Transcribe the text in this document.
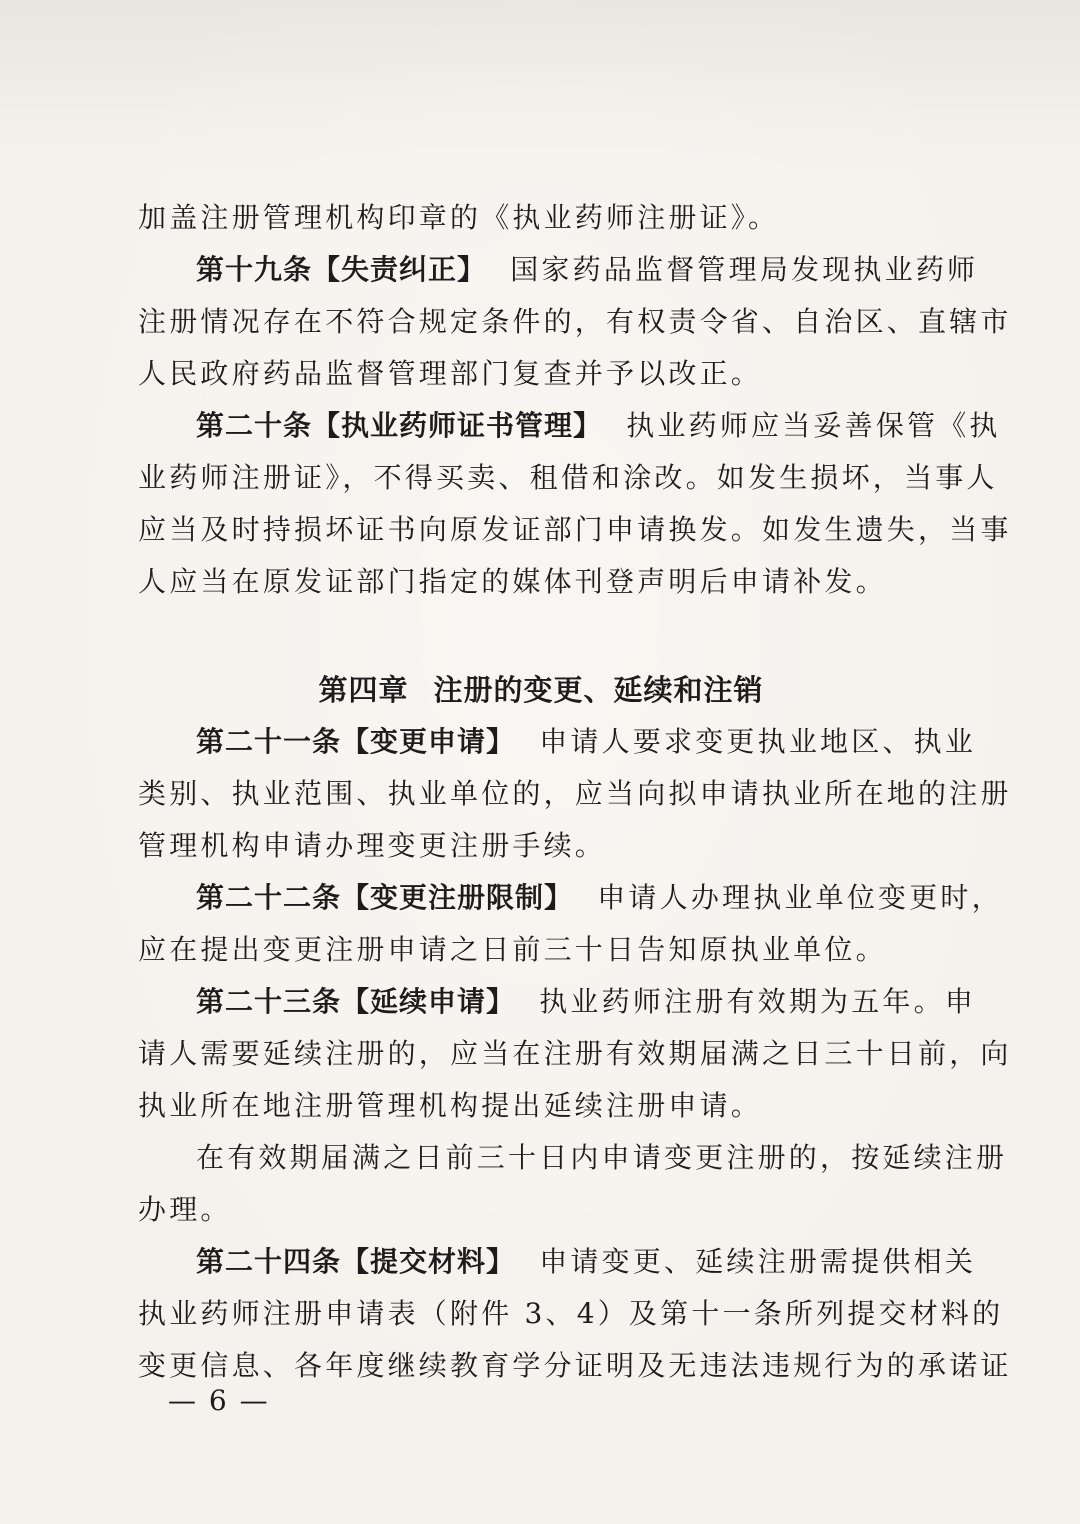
加盖注册管理机构印章的《执业药师注册证》。
第十九条【失责纠正】 国家药品监督管理局发现执业药师
注册情况存在不符合规定条件的，有权责令省、自治区、直辖市
人民政府药品监督管理部门复查并予以改正。
第二十条【执业药师证书管理】 执业药师应当妥善保管《执
业药师注册证》，不得买卖、租借和涂改。如发生损坏，当事人
应当及时持损坏证书向原发证部门申请换发。如发生遗失，当事
人应当在原发证部门指定的媒体刊登声明后申请补发。
第四章 注册的变更、延续和注销
第二十一条【变更申请】 申请人要求变更执业地区、执业
类别、执业范围、执业单位的，应当向拟申请执业所在地的注册
管理机构申请办理变更注册手续。
第二十二条【变更注册限制】 申请人办理执业单位变更时，
应在提出变更注册申请之日前三十日告知原执业单位。
第二十三条【延续申请】 执业药师注册有效期为五年。申
请人需要延续注册的，应当在注册有效期届满之日三十日前，向
执业所在地注册管理机构提出延续注册申请。
在有效期届满之日前三十日内申请变更注册的，按延续注册
办理。
第二十四条【提交材料】 申请变更、延续注册需提供相关
执业药师注册申请表（附件 3、4）及第十一条所列提交材料的
变更信息、各年度继续教育学分证明及无违法违规行为的承诺证
— 6 —
